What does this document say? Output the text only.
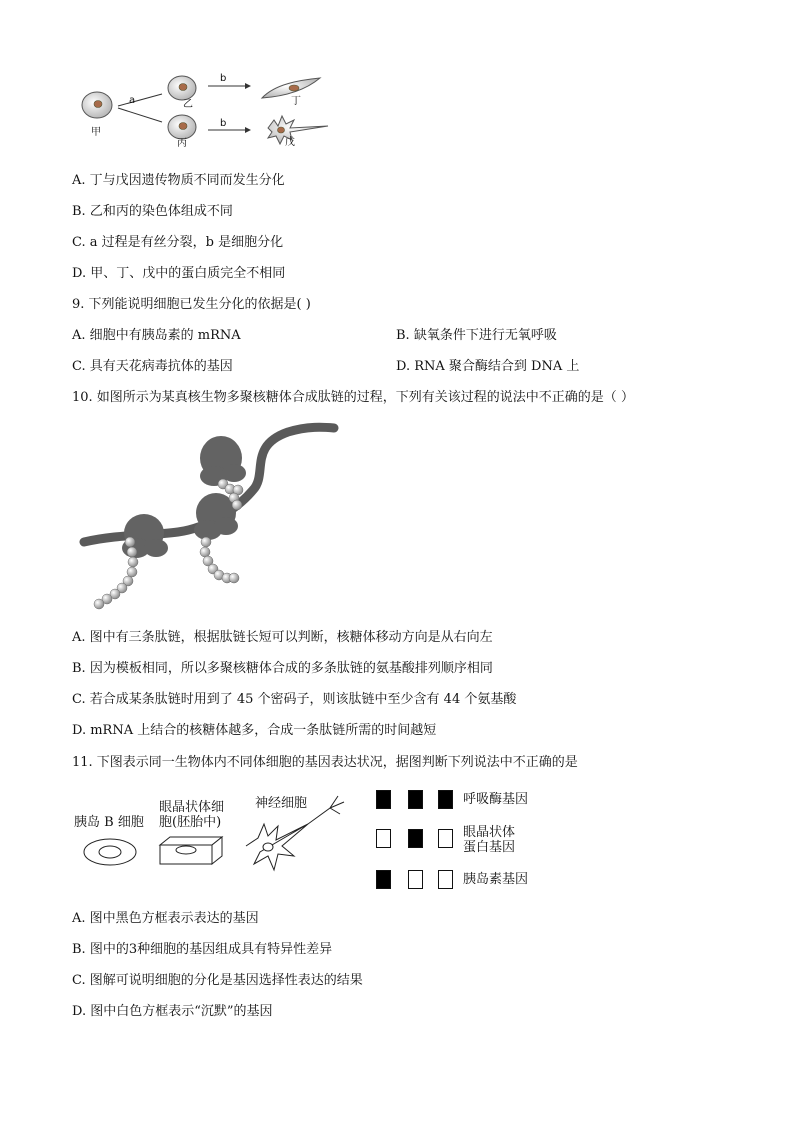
甲
a	乙
丙
b
b
丁
戊
A. 丁与戊因遗传物质不同而发生分化
B. 乙和丙的染色体组成不同
C. a 过程是有丝分裂，b 是细胞分化
D. 甲、丁、戊中的蛋白质完全不相同
9. 下列能说明细胞已发生分化的依据是( )
A. 细胞中有胰岛素的 mRNA	B. 缺氧条件下进行无氧呼吸
C. 具有天花病毒抗体的基因	D. RNA 聚合酶结合到 DNA 上
10. 如图所示为某真核生物多聚核糖体合成肽链的过程，下列有关该过程的说法中不正确的是（ ）
A. 图中有三条肽链，根据肽链长短可以判断，核糖体移动方向是从右向左
B. 因为模板相同，所以多聚核糖体合成的多条肽链的氨基酸排列顺序相同
C. 若合成某条肽链时用到了 45 个密码子，则该肽链中至少含有 44 个氨基酸
D. mRNA 上结合的核糖体越多，合成一条肽链所需的时间越短
11. 下图表示同一生物体内不同体细胞的基因表达状况，据图判断下列说法中不正确的是
胰岛 B 细胞
眼晶状体细
胞(胚胎中)
神经细胞	呼吸酶基因
眼晶状体
蛋白基因
胰岛素基因
A. 图中黑色方框表示表达的基因
B. 图中的3种细胞的基因组成具有特异性差异
C. 图解可说明细胞的分化是基因选择性表达的结果
D. 图中白色方框表示“沉默”的基因
